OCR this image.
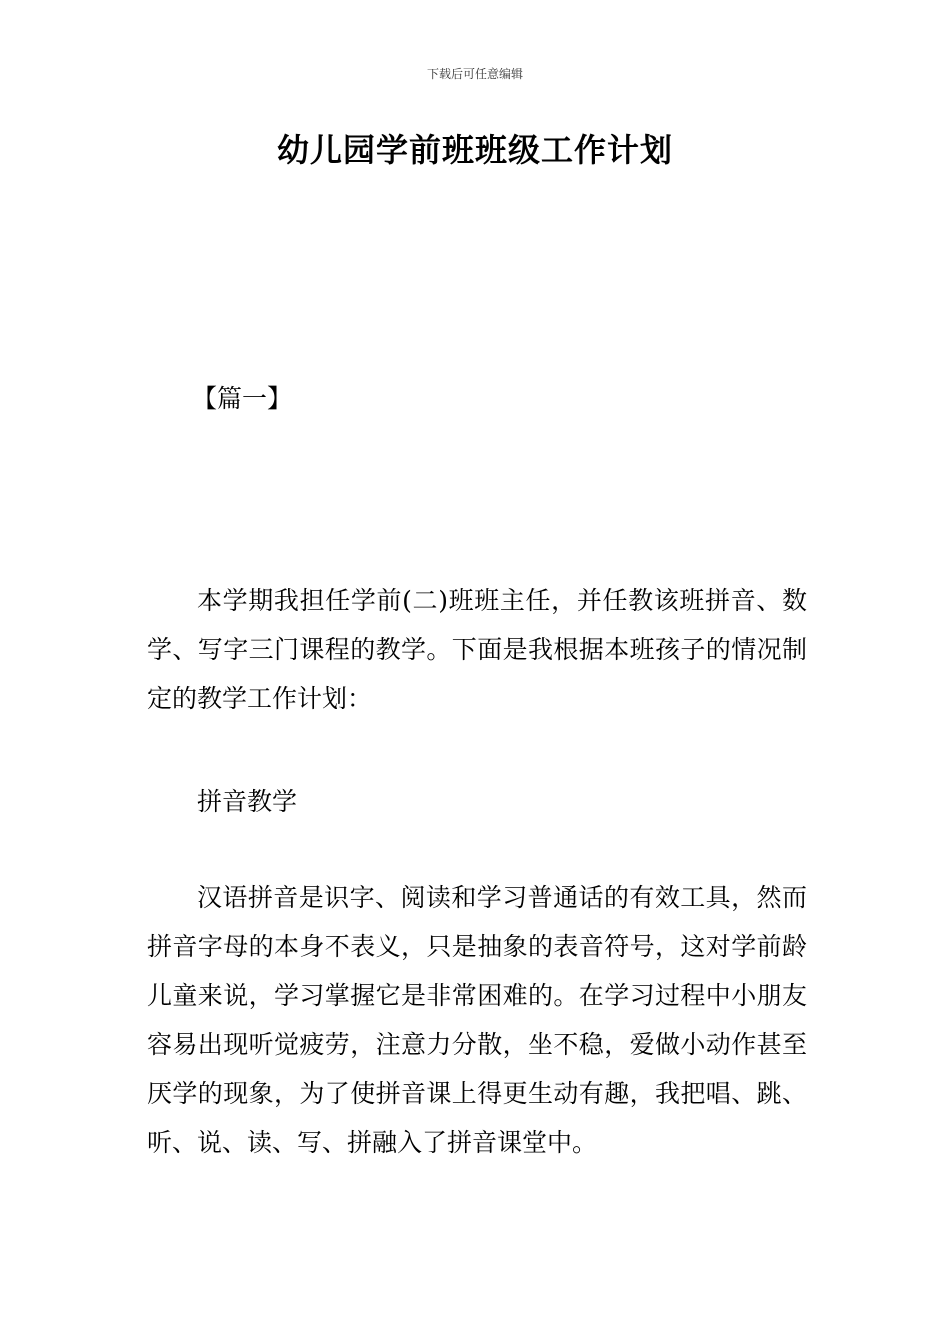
下载后可任意编辑
幼儿园学前班班级工作计划
【篇一】

本学期我担任学前(二)班班主任，并任教该班拼音、数学、写字三门课程的教学。下面是我根据本班孩子的情况制定的教学工作计划：

拼音教学

汉语拼音是识字、阅读和学习普通话的有效工具，然而拼音字母的本身不表义，只是抽象的表音符号，这对学前龄儿童来说，学习掌握它是非常困难的。在学习过程中小朋友容易出现听觉疲劳，注意力分散，坐不稳，爱做小动作甚至厌学的现象，为了使拼音课上得更生动有趣，我把唱、跳、听、说、读、写、拼融入了拼音课堂中。
